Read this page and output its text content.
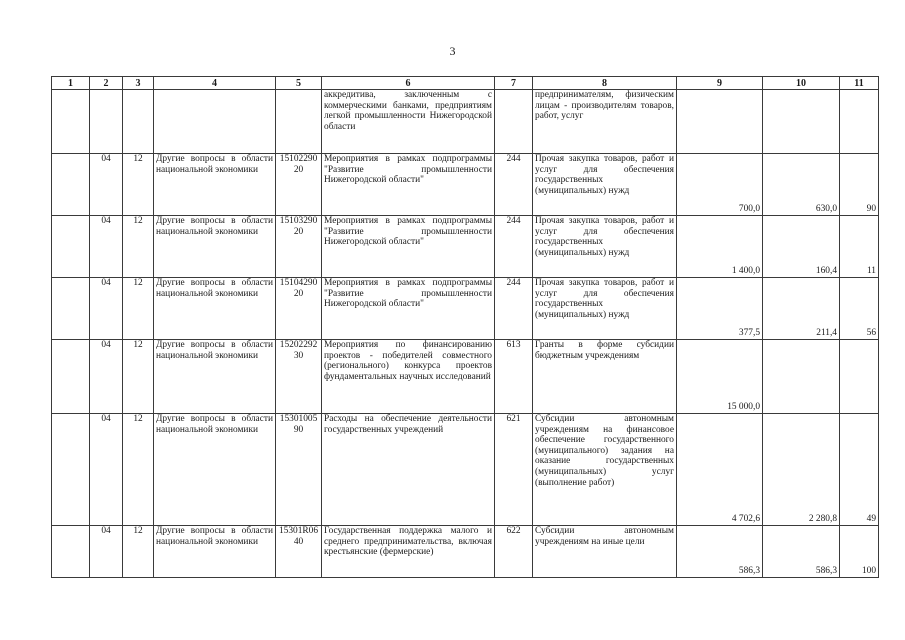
3
1	2	3	4	5	6	7	8	9	10	11
					аккредитива, заключенным с коммерческими банками, предприятиям легкой промышленности Нижегородской области		предпринимателям, физическим лицам - производителям товаров, работ, услуг			
	04	12	Другие вопросы в области национальной экономики	1510229020	Мероприятия в рамках подпрограммы "Развитие промышленности Нижегородской области"	244	Прочая закупка товаров, работ и услуг для обеспечения государственных (муниципальных) нужд	700,0	630,0	90
	04	12	Другие вопросы в области национальной экономики	1510329020	Мероприятия в рамках подпрограммы "Развитие промышленности Нижегородской области"	244	Прочая закупка товаров, работ и услуг для обеспечения государственных (муниципальных) нужд	1 400,0	160,4	11
	04	12	Другие вопросы в области национальной экономики	1510429020	Мероприятия в рамках подпрограммы "Развитие промышленности Нижегородской области"	244	Прочая закупка товаров, работ и услуг для обеспечения государственных (муниципальных) нужд	377,5	211,4	56
	04	12	Другие вопросы в области национальной экономики	1520229230	Мероприятия по финансированию проектов - победителей совместного (регионального) конкурса проектов фундаментальных научных исследований	613	Гранты в форме субсидии бюджетным учреждениям	15 000,0		
	04	12	Другие вопросы в области национальной экономики	1530100590	Расходы на обеспечение деятельности государственных учреждений	621	Субсидии автономным учреждениям на финансовое обеспечение государственного (муниципального) задания на оказание государственных (муниципальных) услуг (выполнение работ)	4 702,6	2 280,8	49
	04	12	Другие вопросы в области национальной экономики	15301R0640	Государственная поддержка малого и среднего предпринимательства, включая крестьянские (фермерские)	622	Субсидии автономным учреждениям на иные цели	586,3	586,3	100
